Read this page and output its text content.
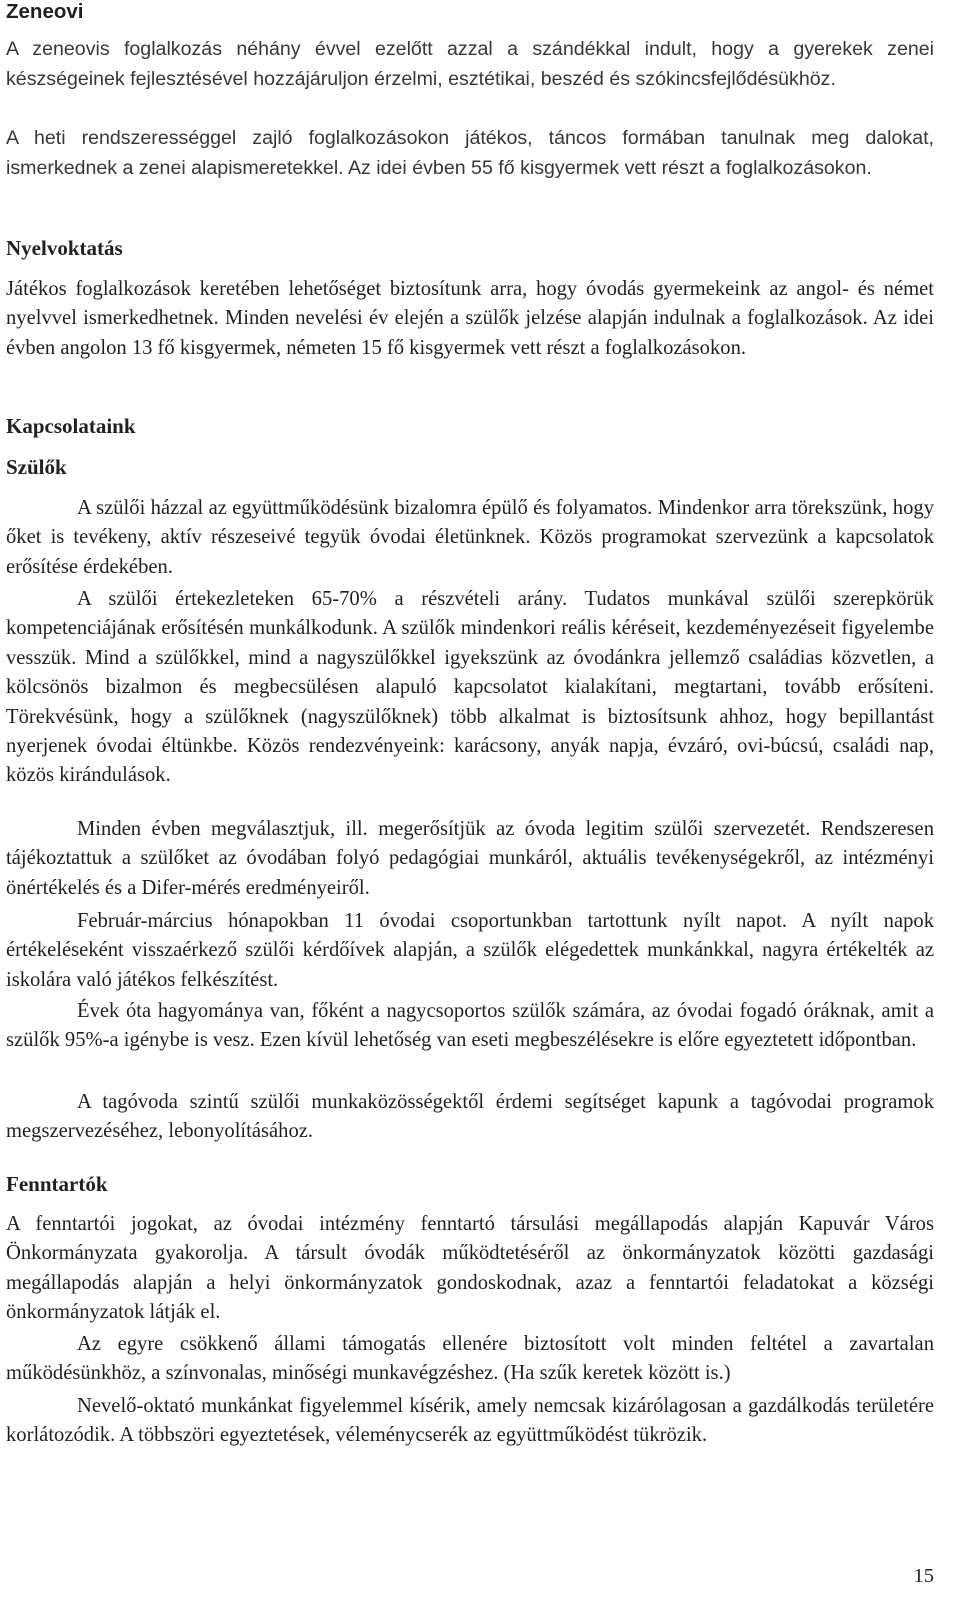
Zeneovi

A zeneovis foglalkozás néhány évvel ezelőtt azzal a szándékkal indult, hogy a gyerekek zenei készségeinek fejlesztésével hozzájáruljon érzelmi, esztétikai, beszéd és szókincsfejlődésükhöz.

A heti rendszerességgel zajló foglalkozásokon játékos, táncos formában tanulnak meg dalokat, ismerkednek a zenei alapismeretekkel. Az idei évben 55 fő kisgyermek vett részt a foglalkozásokon.

Nyelvoktatás

Játékos foglalkozások keretében lehetőséget biztosítunk arra, hogy óvodás gyermekeink az angol- és német nyelvvel ismerkedhetnek. Minden nevelési év elején a szülők jelzése alapján indulnak a foglalkozások. Az idei évben angolon 13 fő kisgyermek, németen 15 fő kisgyermek vett részt a foglalkozásokon.

Kapcsolataink
Szülők

A szülői házzal az együttműködésünk bizalomra épülő és folyamatos. Mindenkor arra törekszünk, hogy őket is tevékeny, aktív részeseivé tegyük óvodai életünknek. Közös programokat szervezünk a kapcsolatok erősítése érdekében.

A szülői értekezleteken 65-70% a részvételi arány. Tudatos munkával szülői szerepkörük kompetenciájának erősítésén munkálkodunk. A szülők mindenkori reális kéréseit, kezdeményezéseit figyelembe vesszük. Mind a szülőkkel, mind a nagyszülőkkel igyekszünk az óvodánkra jellemző családias közvetlen, a kölcsönös bizalmon és megbecsülésen alapuló kapcsolatot kialakítani, megtartani, tovább erősíteni. Törekvésünk, hogy a szülőknek (nagyszülőknek) több alkalmat is biztosítsunk ahhoz, hogy bepillantást nyerjenek óvodai éltünkbe. Közös rendezvényeink: karácsony, anyák napja, évzáró, ovi-búcsú, családi nap, közös kirándulások.

Minden évben megválasztjuk, ill. megerősítjük az óvoda legitim szülői szervezetét. Rendszeresen tájékoztattuk a szülőket az óvodában folyó pedagógiai munkáról, aktuális tevékenységekről, az intézményi önértékelés és a Difer-mérés eredményeiről.

Február-március hónapokban 11 óvodai csoportunkban tartottunk nyílt napot. A nyílt napok értékeléseként visszaérkező szülői kérdőívek alapján, a szülők elégedettek munkánkkal, nagyra értékelték az iskolára való játékos felkészítést.

Évek óta hagyománya van, főként a nagycsoportos szülők számára, az óvodai fogadó óráknak, amit a szülők 95%-a igénybe is vesz. Ezen kívül lehetőség van eseti megbeszélésekre is előre egyeztetett időpontban.

A tagóvoda szintű szülői munkaközösségektől érdemi segítséget kapunk a tagóvodai programok megszervezéséhez, lebonyolításához.

Fenntartók

A fenntartói jogokat, az óvodai intézmény fenntartó társulási megállapodás alapján Kapuvár Város Önkormányzata gyakorolja. A társult óvodák működtetéséről az önkormányzatok közötti gazdasági megállapodás alapján a helyi önkormányzatok gondoskodnak, azaz a fenntartói feladatokat a községi önkormányzatok látják el.

Az egyre csökkenő állami támogatás ellenére biztosított volt minden feltétel a zavartalan működésünkhöz, a színvonalas, minőségi munkavégzéshez. (Ha szűk keretek között is.)

Nevelő-oktató munkánkat figyelemmel kísérik, amely nemcsak kizárólagosan a gazdálkodás területére korlátozódik. A többszöri egyeztetések, véleménycserék az együttműködést tükrözik.

15
